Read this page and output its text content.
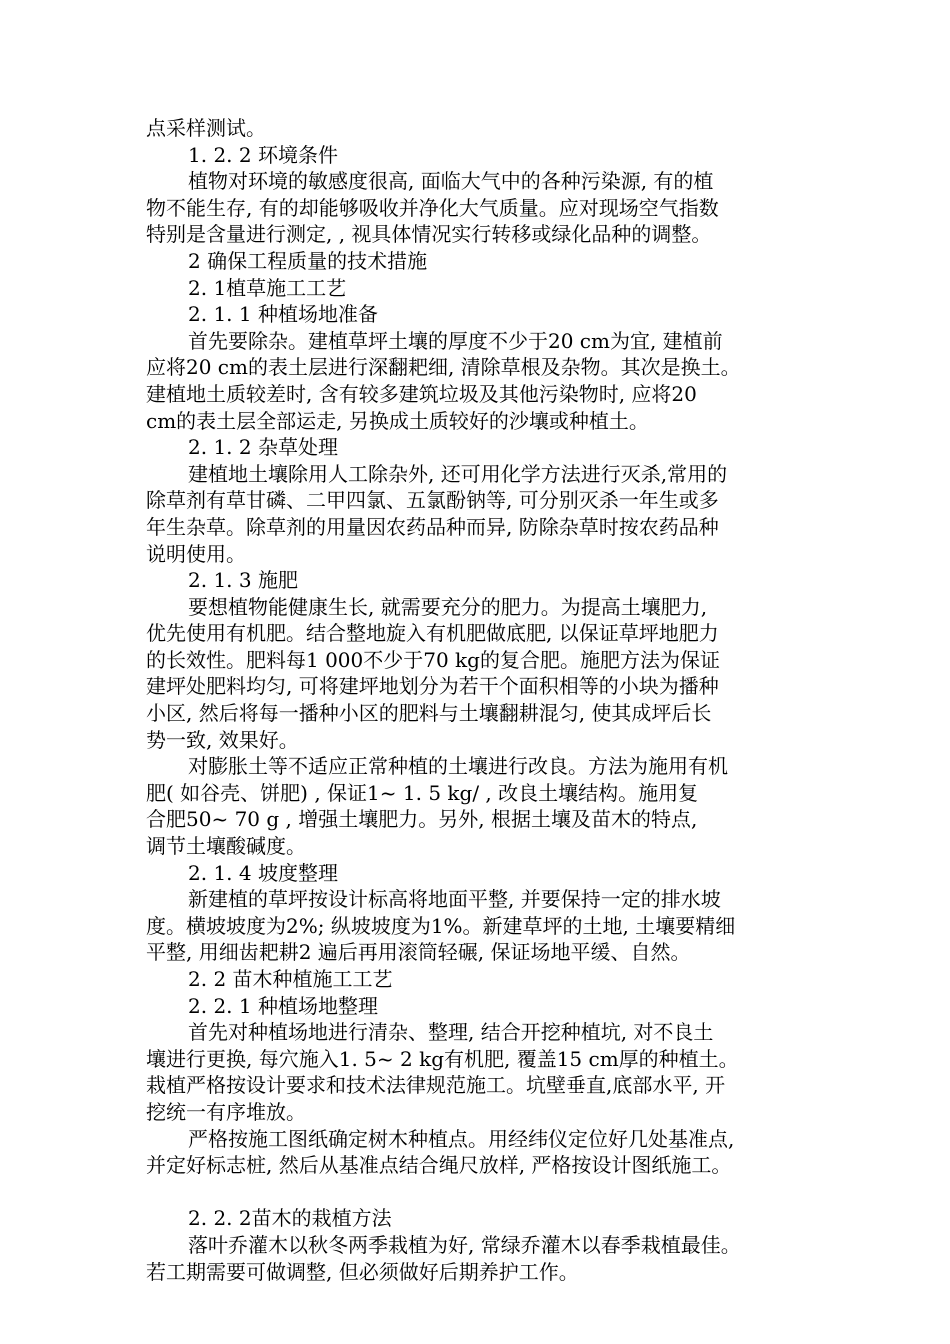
点采样测试。
1. 2. 2 环境条件
植物对环境的敏感度很高, 面临大气中的各种污染源, 有的植
物不能生存, 有的却能够吸收并净化大气质量。应对现场空气指数
特别是含量进行测定, , 视具体情况实行转移或绿化品种的调整。
2 确保工程质量的技术措施
2. 1植草施工工艺
2. 1. 1 种植场地准备
首先要除杂。建植草坪土壤的厚度不少于20 cm为宜, 建植前
应将20 cm的表土层进行深翻耙细, 清除草根及杂物。其次是换土。
建植地土质较差时, 含有较多建筑垃圾及其他污染物时, 应将20
cm的表土层全部运走, 另换成土质较好的沙壤或种植土。
2. 1. 2 杂草处理
建植地土壤除用人工除杂外, 还可用化学方法进行灭杀,常用的
除草剂有草甘磷、二甲四氯、五氯酚钠等, 可分别灭杀一年生或多
年生杂草。除草剂的用量因农药品种而异, 防除杂草时按农药品种
说明使用。
2. 1. 3 施肥
要想植物能健康生长, 就需要充分的肥力。为提高土壤肥力,
优先使用有机肥。结合整地旋入有机肥做底肥, 以保证草坪地肥力
的长效性。肥料每1 000不少于70 kg的复合肥。施肥方法为保证
建坪处肥料均匀, 可将建坪地划分为若干个面积相等的小块为播种
小区, 然后将每一播种小区的肥料与土壤翻耕混匀, 使其成坪后长
势一致, 效果好。
对膨胀土等不适应正常种植的土壤进行改良。方法为施用有机
肥( 如谷壳、饼肥) , 保证1~ 1. 5 kg/ , 改良土壤结构。施用复
合肥50~ 70 g , 增强土壤肥力。另外, 根据土壤及苗木的特点,
调节土壤酸碱度。
2. 1. 4 坡度整理
新建植的草坪按设计标高将地面平整, 并要保持一定的排水坡
度。横坡坡度为2%; 纵坡坡度为1%。新建草坪的土地, 土壤要精细
平整, 用细齿耙耕2 遍后再用滚筒轻碾, 保证场地平缓、自然。
2. 2 苗木种植施工工艺
2. 2. 1 种植场地整理
首先对种植场地进行清杂、整理, 结合开挖种植坑, 对不良土
壤进行更换, 每穴施入1. 5~ 2 kg有机肥, 覆盖15 cm厚的种植土。
栽植严格按设计要求和技术法律规范施工。坑壁垂直,底部水平, 开
挖统一有序堆放。
严格按施工图纸确定树木种植点。用经纬仪定位好几处基准点,
并定好标志桩, 然后从基准点结合绳尺放样, 严格按设计图纸施工。
2. 2. 2苗木的栽植方法
落叶乔灌木以秋冬两季栽植为好, 常绿乔灌木以春季栽植最佳。
若工期需要可做调整, 但必须做好后期养护工作。
